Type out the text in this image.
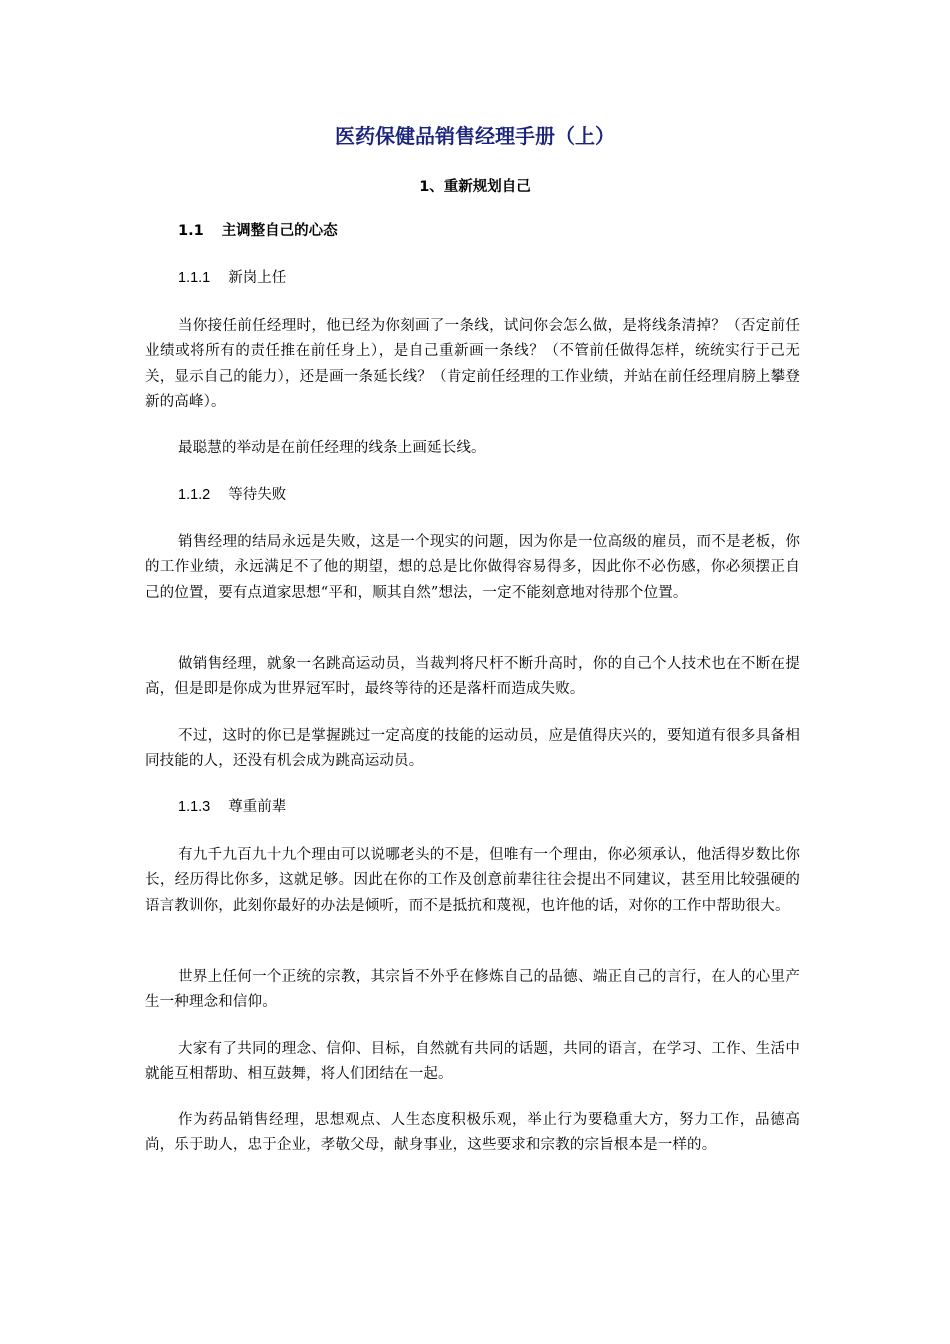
医药保健品销售经理手册（上）
1、重新规划自己
1.1 主调整自己的心态
1.1.1 新岗上任
当你接任前任经理时，他已经为你刻画了一条线，试问你会怎么做，是将线条清掉？（否定前任业绩或将所有的责任推在前任身上），是自己重新画一条线？（不管前任做得怎样，统统实行于己无关，显示自己的能力），还是画一条延长线？（肯定前任经理的工作业绩，并站在前任经理肩膀上攀登新的高峰）。
最聪慧的举动是在前任经理的线条上画延长线。
1.1.2 等待失败
销售经理的结局永远是失败，这是一个现实的问题，因为你是一位高级的雇员，而不是老板，你的工作业绩，永远满足不了他的期望，想的总是比你做得容易得多，因此你不必伤感，你必须摆正自己的位置，要有点道家思想“平和，顺其自然”想法，一定不能刻意地对待那个位置。
做销售经理，就象一名跳高运动员，当裁判将尺杆不断升高时，你的自己个人技术也在不断在提高，但是即是你成为世界冠军时，最终等待的还是落杆而造成失败。
不过，这时的你已是掌握跳过一定高度的技能的运动员，应是值得庆兴的，要知道有很多具备相同技能的人，还没有机会成为跳高运动员。
1.1.3 尊重前辈
有九千九百九十九个理由可以说哪老头的不是，但唯有一个理由，你必须承认，他活得岁数比你长，经历得比你多，这就足够。因此在你的工作及创意前辈往往会提出不同建议，甚至用比较强硬的语言教训你，此刻你最好的办法是倾听，而不是抵抗和蔑视，也许他的话，对你的工作中帮助很大。
世界上任何一个正统的宗教，其宗旨不外乎在修炼自己的品德、端正自己的言行，在人的心里产生一种理念和信仰。
大家有了共同的理念、信仰、目标，自然就有共同的话题，共同的语言，在学习、工作、生活中就能互相帮助、相互鼓舞，将人们团结在一起。
作为药品销售经理，思想观点、人生态度积极乐观，举止行为要稳重大方，努力工作，品德高尚，乐于助人，忠于企业，孝敬父母，献身事业，这些要求和宗教的宗旨根本是一样的。
